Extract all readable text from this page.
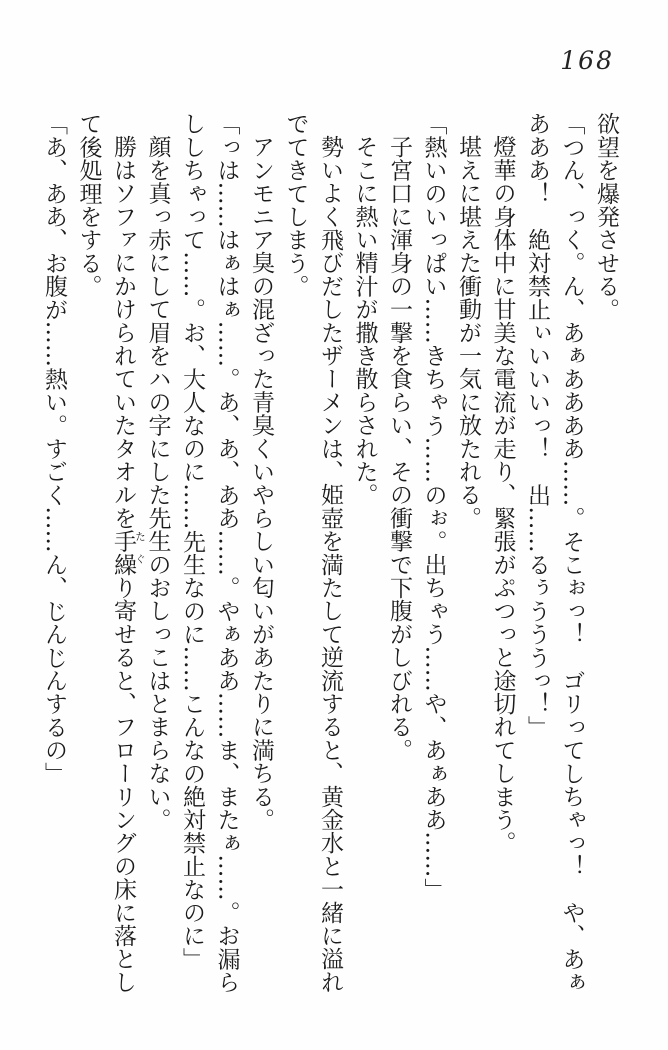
168

欲望を爆発させる。

「つん、っく。ん、あぁああああ……。そこぉっ！　ゴリってしちゃっ！　や、あぁ

あああ！　絶対禁止ぃいいいっ！　出……るぅうううっ！」

燈華の身体中に甘美な電流が走り、緊張がぷつっと途切れてしまう。

堪えに堪えた衝動が一気に放たれる。

「熱いのいっぱい……きちゃう……のぉ。出ちゃう……や、あぁああ……」

子宮口に渾身の一撃を食らい、その衝撃で下腹がしびれる。

そこに熱い精汁が撒き散らされた。

勢いよく飛びだしたザーメンは、姫壺を満たして逆流すると、黄金水と一緒に溢れ

でてきてしまう。

アンモニア臭の混ざった青臭くいやらしい匂いがあたりに満ちる。

「っは……はぁはぁ……。あ、あ、ああ……。やぁああ……ま、またぁ……。お漏ら

ししちゃって……。お、大人なのに……先生なのに……こんなの絶対禁止なのに」

顔を真っ赤にして眉をハの字にした先生のおしっこはとまらない。

勝はソファにかけられていたタオルを手繰り寄せると、フローリングの床に落とし

て後処理をする。

「あ、ああ、お腹が……熱い。すごく……ん、じんじんするの」	たぐ
